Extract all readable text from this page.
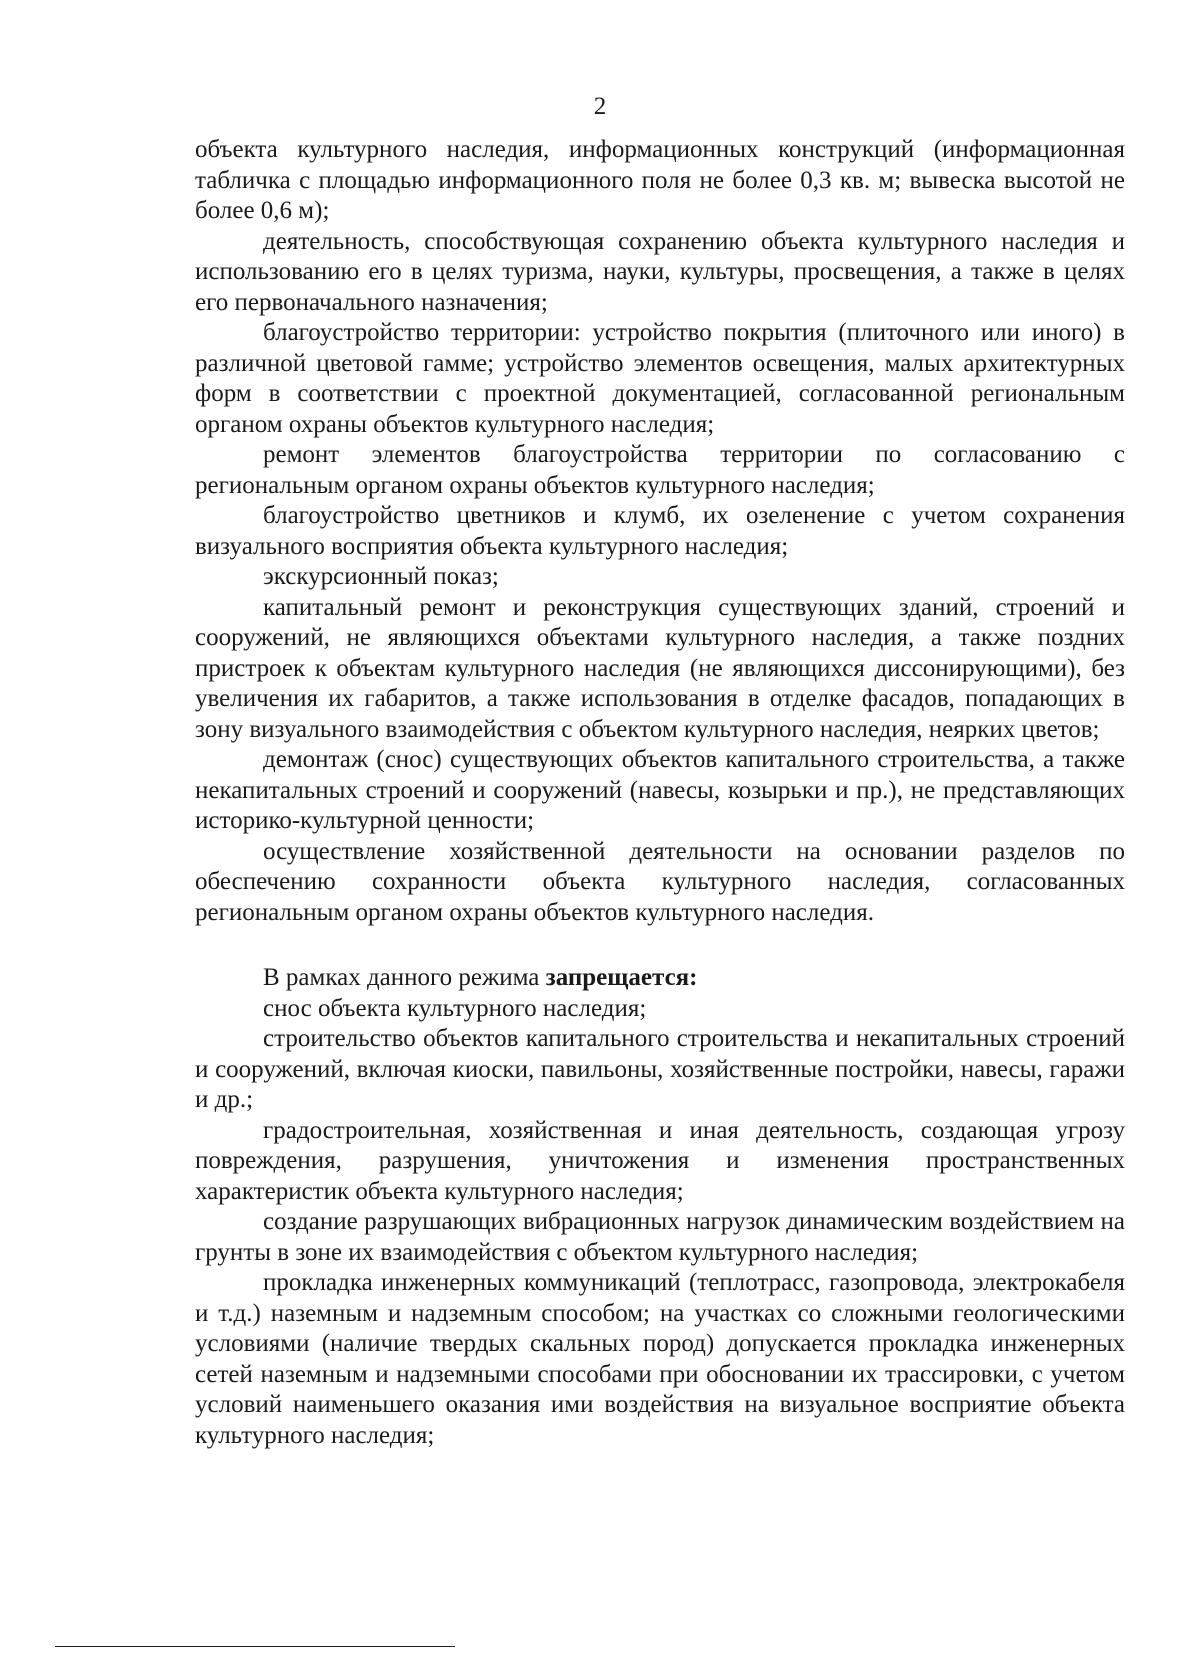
2

объекта культурного наследия, информационных конструкций (информационная табличка с площадью информационного поля не более 0,3 кв. м; вывеска высотой не более 0,6 м);

деятельность, способствующая сохранению объекта культурного наследия и использованию его в целях туризма, науки, культуры, просвещения, а также в целях его первоначального назначения;

благоустройство территории: устройство покрытия (плиточного или иного) в различной цветовой гамме; устройство элементов освещения, малых архитектурных форм в соответствии с проектной документацией, согласованной региональным органом охраны объектов культурного наследия;

ремонт элементов благоустройства территории по согласованию с региональным органом охраны объектов культурного наследия;

благоустройство цветников и клумб, их озеленение с учетом сохранения визуального восприятия объекта культурного наследия;

экскурсионный показ;

капитальный ремонт и реконструкция существующих зданий, строений и сооружений, не являющихся объектами культурного наследия, а также поздних пристроек к объектам культурного наследия (не являющихся диссонирующими), без увеличения их габаритов, а также использования в отделке фасадов, попадающих в зону визуального взаимодействия с объектом культурного наследия, неярких цветов;

демонтаж (снос) существующих объектов капитального строительства, а также некапитальных строений и сооружений (навесы, козырьки и пр.), не представляющих историко-культурной ценности;

осуществление хозяйственной деятельности на основании разделов по обеспечению сохранности объекта культурного наследия, согласованных региональным органом охраны объектов культурного наследия.

В рамках данного режима запрещается:

снос объекта культурного наследия;

строительство объектов капитального строительства и некапитальных строений и сооружений, включая киоски, павильоны, хозяйственные постройки, навесы, гаражи и др.;

градостроительная, хозяйственная и иная деятельность, создающая угрозу повреждения, разрушения, уничтожения и изменения пространственных характеристик объекта культурного наследия;

создание разрушающих вибрационных нагрузок динамическим воздействием на грунты в зоне их взаимодействия с объектом культурного наследия;

прокладка инженерных коммуникаций (теплотрасс, газопровода, электрокабеля и т.д.) наземным и надземным способом; на участках со сложными геологическими условиями (наличие твердых скальных пород) допускается прокладка инженерных сетей наземным и надземными способами при обосновании их трассировки, с учетом условий наименьшего оказания ими воздействия на визуальное восприятие объекта культурного наследия;
